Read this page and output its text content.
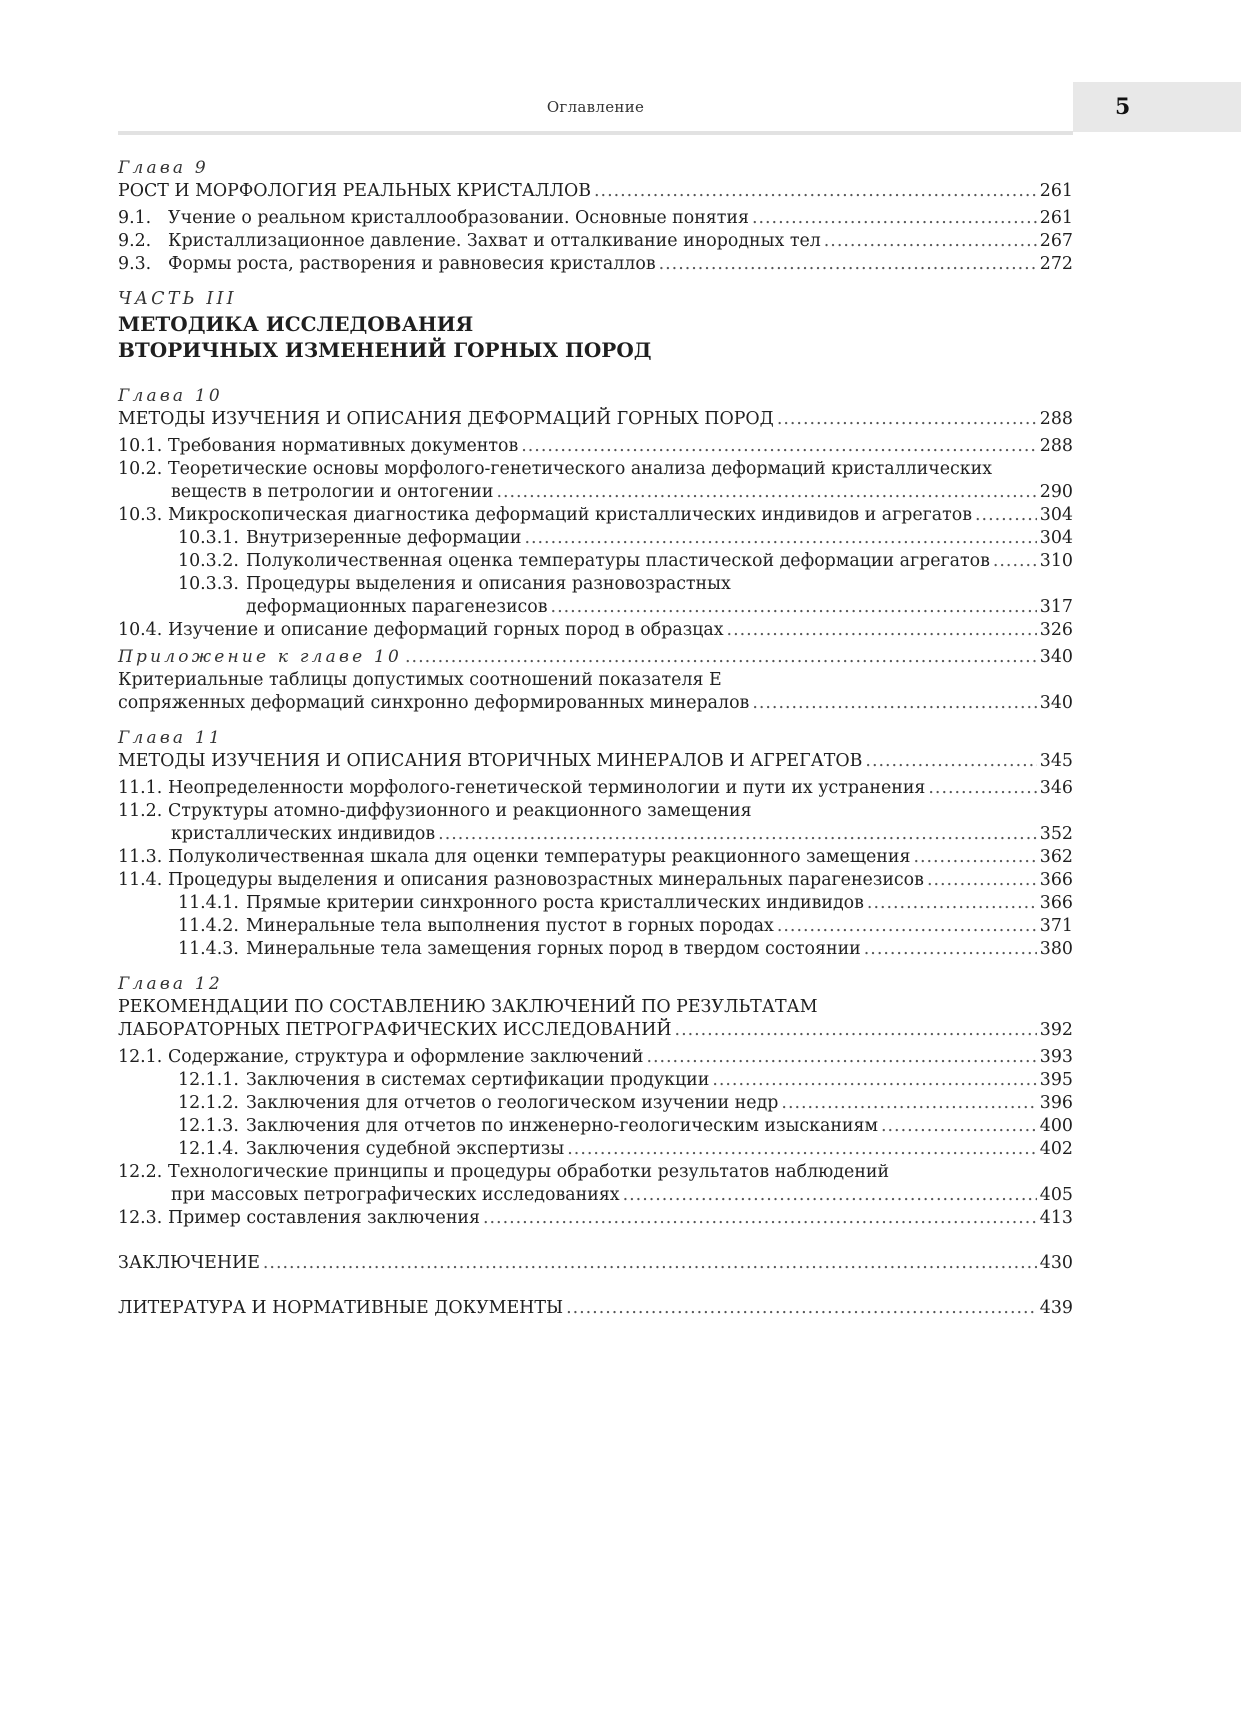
Оглавление	5
Глава 9
РОСТ И МОРФОЛОГИЯ РЕАЛЬНЫХ КРИСТАЛЛОВ .....	261
9.1. Учение о реальном кристаллообразовании. Основные понятия .....	261
9.2. Кристаллизационное давление. Захват и отталкивание инородных тел .....	267
9.3. Формы роста, растворения и равновесия кристаллов .....	272
ЧАСТЬ III
МЕТОДИКА ИССЛЕДОВАНИЯ
ВТОРИЧНЫХ ИЗМЕНЕНИЙ ГОРНЫХ ПОРОД
Глава 10
МЕТОДЫ ИЗУЧЕНИЯ И ОПИСАНИЯ ДЕФОРМАЦИЙ ГОРНЫХ ПОРОД .....	288
10.1. Требования нормативных документов .....	288
10.2. Теоретические основы морфолого-генетического анализа деформаций кристаллических
веществ в петрологии и онтогении .....	290
10.3. Микроскопическая диагностика деформаций кристаллических индивидов и агрегатов .....	304
10.3.1. Внутризеренные деформации .....	304
10.3.2. Полуколичественная оценка температуры пластической деформации агрегатов .....	310
10.3.3. Процедуры выделения и описания разновозрастных
деформационных парагенезисов .....	317
10.4. Изучение и описание деформаций горных пород в образцах .....	326
Приложение к главе 10 .....	340
Критериальные таблицы допустимых соотношений показателя E
сопряженных деформаций синхронно деформированных минералов .....	340
Глава 11
МЕТОДЫ ИЗУЧЕНИЯ И ОПИСАНИЯ ВТОРИЧНЫХ МИНЕРАЛОВ И АГРЕГАТОВ .....	345
11.1. Неопределенности морфолого-генетической терминологии и пути их устранения .....	346
11.2. Структуры атомно-диффузионного и реакционного замещения
кристаллических индивидов .....	352
11.3. Полуколичественная шкала для оценки температуры реакционного замещения .....	362
11.4. Процедуры выделения и описания разновозрастных минеральных парагенезисов .....	366
11.4.1. Прямые критерии синхронного роста кристаллических индивидов .....	366
11.4.2. Минеральные тела выполнения пустот в горных породах .....	371
11.4.3. Минеральные тела замещения горных пород в твердом состоянии .....	380
Глава 12
РЕКОМЕНДАЦИИ ПО СОСТАВЛЕНИЮ ЗАКЛЮЧЕНИЙ ПО РЕЗУЛЬТАТАМ
ЛАБОРАТОРНЫХ ПЕТРОГРАФИЧЕСКИХ ИССЛЕДОВАНИЙ .....	392
12.1. Содержание, структура и оформление заключений .....	393
12.1.1. Заключения в системах сертификации продукции .....	395
12.1.2. Заключения для отчетов о геологическом изучении недр .....	396
12.1.3. Заключения для отчетов по инженерно-геологическим изысканиям .....	400
12.1.4. Заключения судебной экспертизы .....	402
12.2. Технологические принципы и процедуры обработки результатов наблюдений
при массовых петрографических исследованиях .....	405
12.3. Пример составления заключения .....	413
ЗАКЛЮЧЕНИЕ .....	430
ЛИТЕРАТУРА И НОРМАТИВНЫЕ ДОКУМЕНТЫ .....	439
